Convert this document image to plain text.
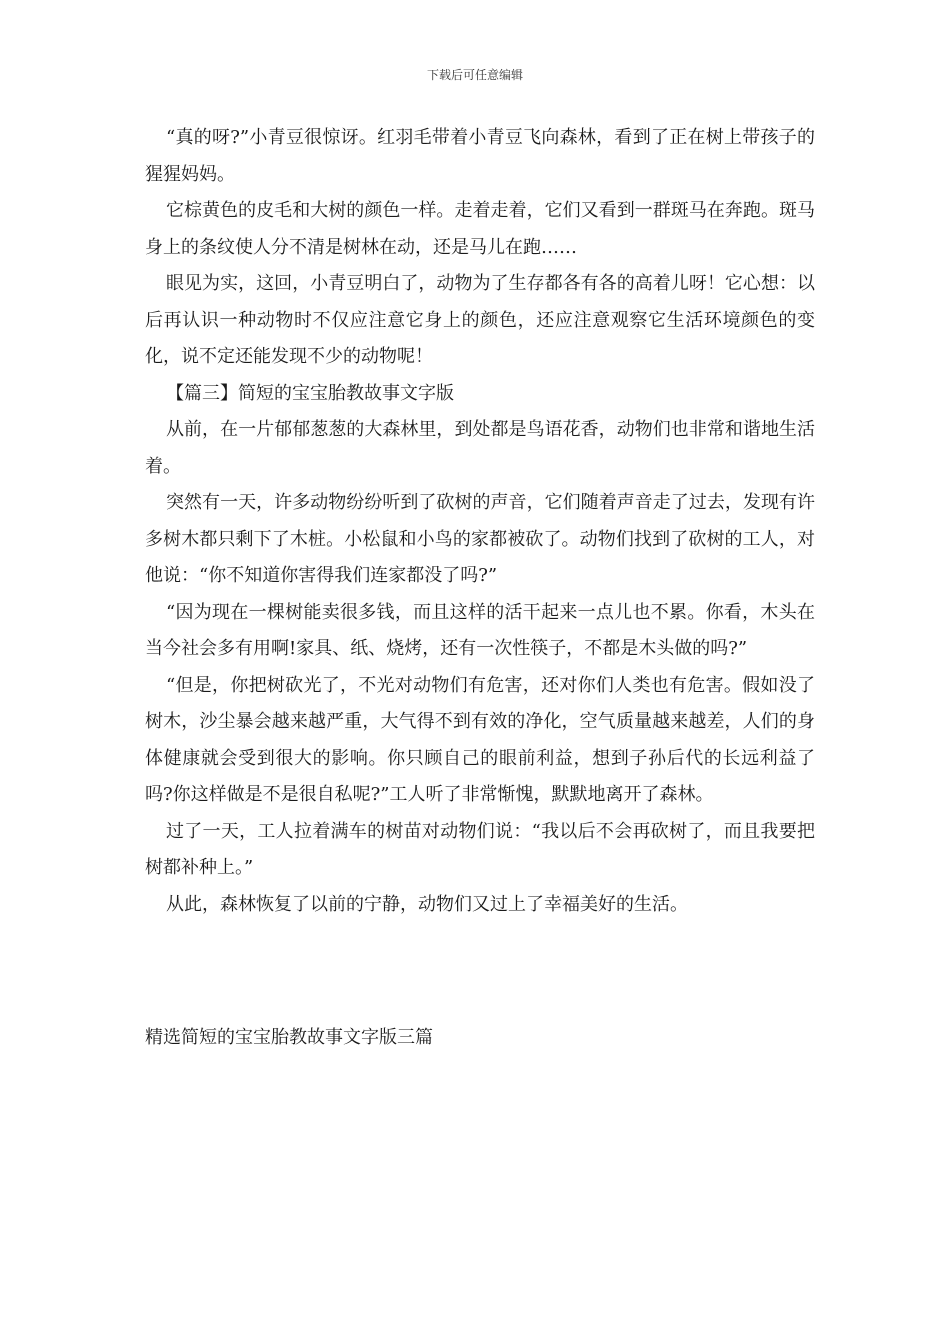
下载后可任意编辑

“真的呀?”小青豆很惊讶。红羽毛带着小青豆飞向森林，看到了正在树上带孩子的猩猩妈妈。

它棕黄色的皮毛和大树的颜色一样。走着走着，它们又看到一群斑马在奔跑。斑马身上的条纹使人分不清是树林在动，还是马儿在跑……

眼见为实，这回，小青豆明白了，动物为了生存都各有各的高着儿呀！它心想：以后再认识一种动物时不仅应注意它身上的颜色，还应注意观察它生活环境颜色的变化，说不定还能发现不少的动物呢！

【篇三】简短的宝宝胎教故事文字版

从前，在一片郁郁葱葱的大森林里，到处都是鸟语花香，动物们也非常和谐地生活着。

突然有一天，许多动物纷纷听到了砍树的声音，它们随着声音走了过去，发现有许多树木都只剩下了木桩。小松鼠和小鸟的家都被砍了。动物们找到了砍树的工人，对他说：“你不知道你害得我们连家都没了吗?”

“因为现在一棵树能卖很多钱，而且这样的活干起来一点儿也不累。你看，木头在当今社会多有用啊!家具、纸、烧烤，还有一次性筷子，不都是木头做的吗?”

“但是，你把树砍光了，不光对动物们有危害，还对你们人类也有危害。假如没了树木，沙尘暴会越来越严重，大气得不到有效的净化，空气质量越来越差，人们的身体健康就会受到很大的影响。你只顾自己的眼前利益，想到子孙后代的长远利益了吗?你这样做是不是很自私呢?”工人听了非常惭愧，默默地离开了森林。

过了一天，工人拉着满车的树苗对动物们说：“我以后不会再砍树了，而且我要把树都补种上。”

从此，森林恢复了以前的宁静，动物们又过上了幸福美好的生活。

精选简短的宝宝胎教故事文字版三篇
